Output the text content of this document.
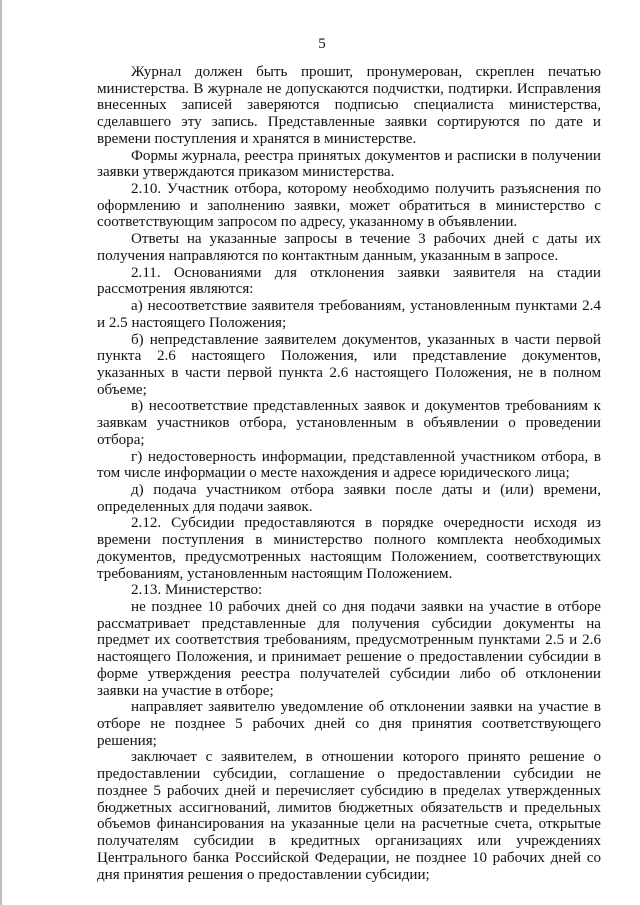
5

Журнал должен быть прошит, пронумерован, скреплен печатью министерства. В журнале не допускаются подчистки, подтирки. Исправления внесенных записей заверяются подписью специалиста министерства, сделавшего эту запись. Представленные заявки сортируются по дате и времени поступления и хранятся в министерстве.

Формы журнала, реестра принятых документов и расписки в получении заявки утверждаются приказом министерства.

2.10. Участник отбора, которому необходимо получить разъяснения по оформлению и заполнению заявки, может обратиться в министерство с соответствующим запросом по адресу, указанному в объявлении.

Ответы на указанные запросы в течение 3 рабочих дней с даты их получения направляются по контактным данным, указанным в запросе.

2.11. Основаниями для отклонения заявки заявителя на стадии рассмотрения являются:

а) несоответствие заявителя требованиям, установленным пунктами 2.4 и 2.5 настоящего Положения;

б) непредставление заявителем документов, указанных в части первой пункта 2.6 настоящего Положения, или представление документов, указанных в части первой пункта 2.6 настоящего Положения, не в полном объеме;

в) несоответствие представленных заявок и документов требованиям к заявкам участников отбора, установленным в объявлении о проведении отбора;

г) недостоверность информации, представленной участником отбора, в том числе информации о месте нахождения и адресе юридического лица;

д) подача участником отбора заявки после даты и (или) времени, определенных для подачи заявок.

2.12. Субсидии предоставляются в порядке очередности исходя из времени поступления в министерство полного комплекта необходимых документов, предусмотренных настоящим Положением, соответствующих требованиям, установленным настоящим Положением.

2.13. Министерство:

не позднее 10 рабочих дней со дня подачи заявки на участие в отборе рассматривает представленные для получения субсидии документы на предмет их соответствия требованиям, предусмотренным пунктами 2.5 и 2.6 настоящего Положения, и принимает решение о предоставлении субсидии в форме утверждения реестра получателей субсидии либо об отклонении заявки на участие в отборе;

направляет заявителю уведомление об отклонении заявки на участие в отборе не позднее 5 рабочих дней со дня принятия соответствующего решения;

заключает с заявителем, в отношении которого принято решение о предоставлении субсидии, соглашение о предоставлении субсидии не позднее 5 рабочих дней и перечисляет субсидию в пределах утвержденных бюджетных ассигнований, лимитов бюджетных обязательств и предельных объемов финансирования на указанные цели на расчетные счета, открытые получателям субсидии в кредитных организациях или учреждениях Центрального банка Российской Федерации, не позднее 10 рабочих дней со дня принятия решения о предоставлении субсидии;
